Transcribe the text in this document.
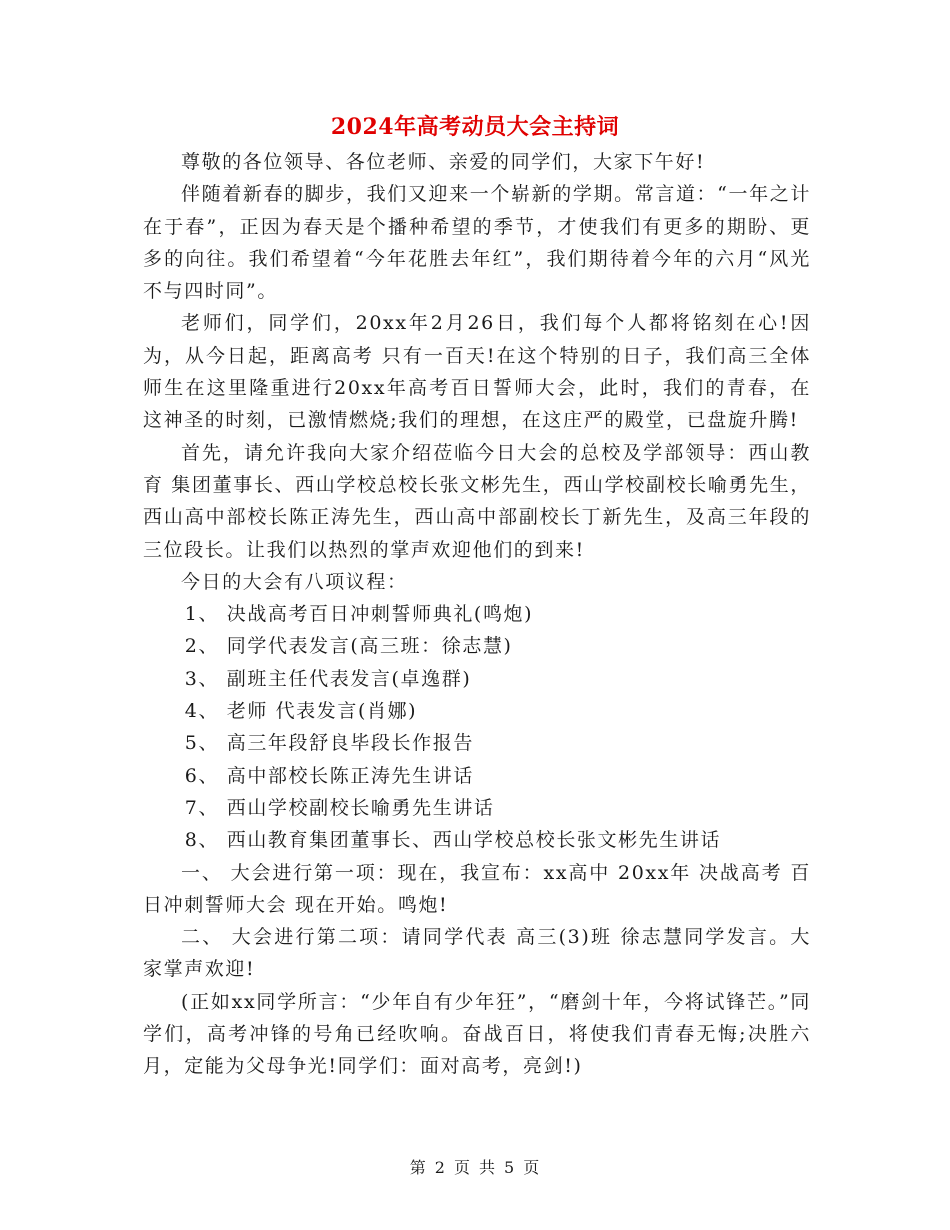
2024年高考动员大会主持词

尊敬的各位领导、各位老师、亲爱的同学们，大家下午好!

伴随着新春的脚步，我们又迎来一个崭新的学期。常言道：“一年之计在于春”，正因为春天是个播种希望的季节，才使我们有更多的期盼、更多的向往。我们希望着“今年花胜去年红”，我们期待着今年的六月“风光不与四时同”。

老师们，同学们，20xx年2月26日，我们每个人都将铭刻在心!因为，从今日起，距离高考 只有一百天!在这个特别的日子，我们高三全体师生在这里隆重进行20xx年高考百日誓师大会，此时，我们的青春，在这神圣的时刻，已激情燃烧;我们的理想，在这庄严的殿堂，已盘旋升腾!

首先，请允许我向大家介绍莅临今日大会的总校及学部领导：西山教育 集团董事长、西山学校总校长张文彬先生，西山学校副校长喻勇先生，西山高中部校长陈正涛先生，西山高中部副校长丁新先生，及高三年段的三位段长。让我们以热烈的掌声欢迎他们的到来!

今日的大会有八项议程：

1、 决战高考百日冲刺誓师典礼(鸣炮)

2、 同学代表发言(高三班：徐志慧)

3、 副班主任代表发言(卓逸群)

4、 老师 代表发言(肖娜)

5、 高三年段舒良毕段长作报告

6、 高中部校长陈正涛先生讲话

7、 西山学校副校长喻勇先生讲话

8、 西山教育集团董事长、西山学校总校长张文彬先生讲话

一、 大会进行第一项：现在，我宣布：xx高中 20xx年 决战高考 百日冲刺誓师大会 现在开始。鸣炮!

二、 大会进行第二项：请同学代表 高三(3)班 徐志慧同学发言。大家掌声欢迎!

(正如xx同学所言：“少年自有少年狂”，“磨剑十年，今将试锋芒。”同学们，高考冲锋的号角已经吹响。奋战百日，将使我们青春无悔;决胜六月，定能为父母争光!同学们：面对高考，亮剑!)

第 2 页 共 5 页
